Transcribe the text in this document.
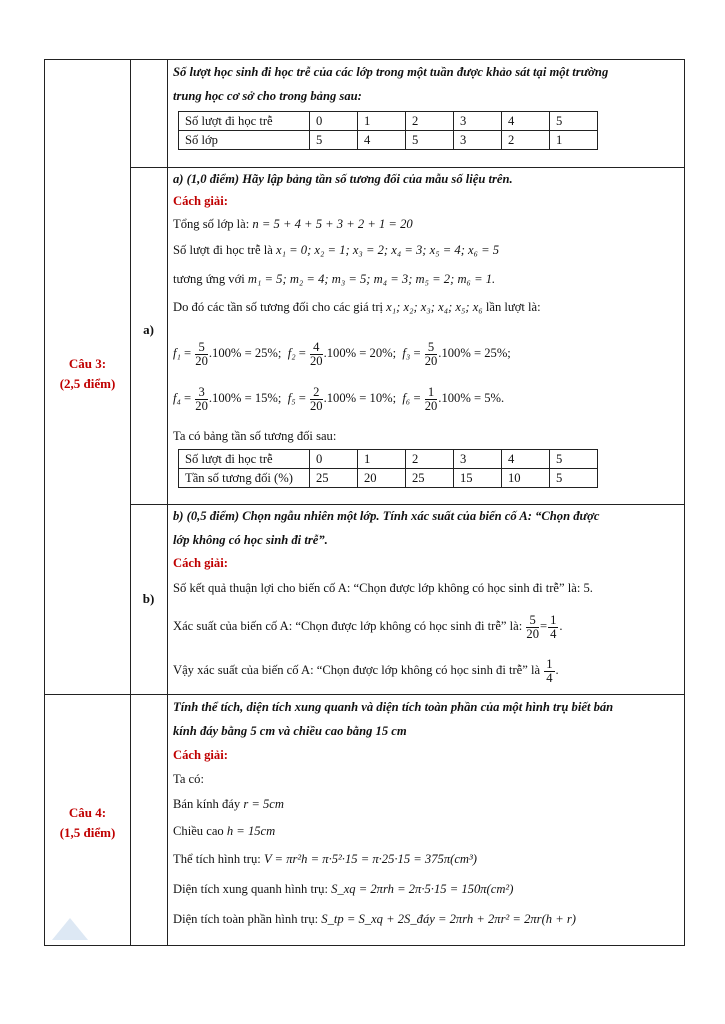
Câu 3:
(2,5 điểm)
a)
b)
Số lượt học sinh đi học trễ của các lớp trong một tuần được khảo sát tại một trường
trung học cơ sở cho trong bảng sau:
Số lượt đi học trễ	0	1	2	3	4	5
Số lớp	5	4	5	3	2	1
a) (1,0 điểm) Hãy lập bảng tần số tương đối của mẫu số liệu trên.
Cách giải:
Tổng số lớp là: n = 5 + 4 + 5 + 3 + 2 + 1 = 20
Số lượt đi học trễ là x₁ = 0; x₂ = 1; x₃ = 2; x₄ = 3; x₅ = 4; x₆ = 5
tương ứng với m₁ = 5; m₂ = 4; m₃ = 5; m₄ = 3; m₅ = 2; m₆ = 1.
Do đó các tần số tương đối cho các giá trị x₁; x₂; x₃; x₄; x₅; x₆ lần lượt là:
$f_1 = \frac{5}{20} .100\% = 25\%$; $f_2 = \frac{4}{20} .100\% = 20\%$; $f_3 = \frac{5}{20} .100\% = 25\%$;
$f_4 = \frac{3}{20} .100\% = 15\%$; $f_5 = \frac{2}{20} .100\% = 10\%$; $f_6 = \frac{1}{20} .100\% = 5\%$.
Ta có bảng tần số tương đối sau:
Số lượt đi học trễ	0	1	2	3	4	5
Tần số tương đối (%)	25	20	25	15	10	5
b) (0,5 điểm) Chọn ngẫu nhiên một lớp. Tính xác suất của biến cố A: “Chọn được
lớp không có học sinh đi trễ”.
Cách giải:
Số kết quả thuận lợi cho biến cố A: “Chọn được lớp không có học sinh đi trễ” là: 5.
Xác suất của biến cố A: “Chọn được lớp không có học sinh đi trễ” là: $\frac{5}{20} = \frac{1}{4}$ .
Vậy xác suất của biến cố A: “Chọn được lớp không có học sinh đi trễ” là $\frac{1}{4}$ .
Câu 4:
(1,5 điểm)
Tính thể tích, diện tích xung quanh và diện tích toàn phần của một hình trụ biết bán
kính đáy bằng 5 cm và chiều cao bằng 15 cm
Cách giải:
Ta có:
Bán kính đáy r = 5cm
Chiều cao h = 15cm
Thể tích hình trụ: V = πr²h = π·5²·15 = π·25·15 = 375π(cm³)
Diện tích xung quanh hình trụ: S_xq = 2πrh = 2π·5·15 = 150π(cm²)
Diện tích toàn phần hình trụ: S_tp = S_xq + 2S_đáy = 2πrh + 2πr² = 2πr(h + r)
